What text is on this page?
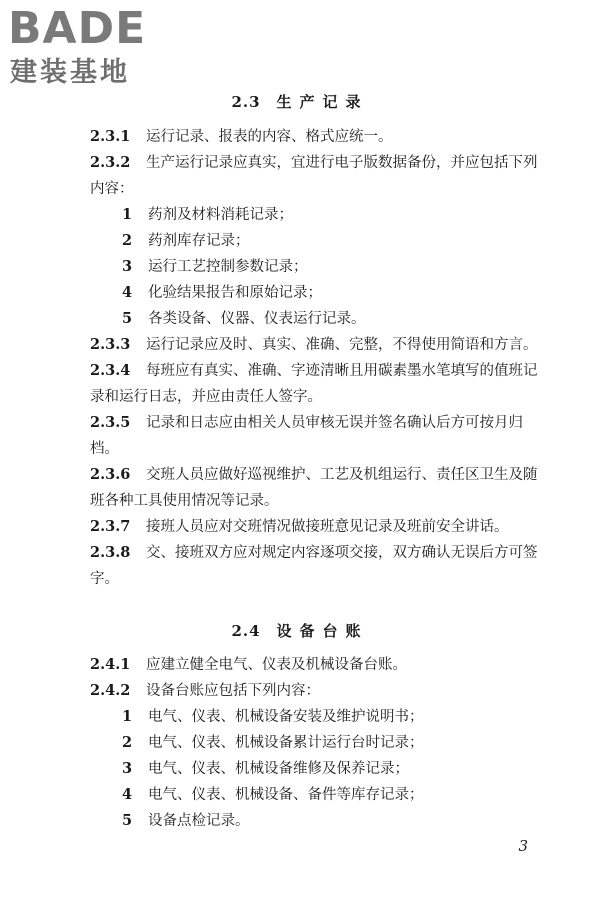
BADE
建装基地
2.3 生产记录

2.3.1 运行记录、报表的内容、格式应统一。

2.3.2 生产运行记录应真实，宜进行电子版数据备份，并应包括下列内容：

1 药剂及材料消耗记录；

2 药剂库存记录；

3 运行工艺控制参数记录；

4 化验结果报告和原始记录；

5 各类设备、仪器、仪表运行记录。

2.3.3 运行记录应及时、真实、准确、完整，不得使用简语和方言。

2.3.4 每班应有真实、准确、字迹清晰且用碳素墨水笔填写的值班记录和运行日志，并应由责任人签字。

2.3.5 记录和日志应由相关人员审核无误并签名确认后方可按月归档。

2.3.6 交班人员应做好巡视维护、工艺及机组运行、责任区卫生及随班各种工具使用情况等记录。

2.3.7 接班人员应对交班情况做接班意见记录及班前安全讲话。

2.3.8 交、接班双方应对规定内容逐项交接，双方确认无误后方可签字。

2.4 设备台账

2.4.1 应建立健全电气、仪表及机械设备台账。

2.4.2 设备台账应包括下列内容：

1 电气、仪表、机械设备安装及维护说明书；

2 电气、仪表、机械设备累计运行台时记录；

3 电气、仪表、机械设备维修及保养记录；

4 电气、仪表、机械设备、备件等库存记录；

5 设备点检记录。

3
